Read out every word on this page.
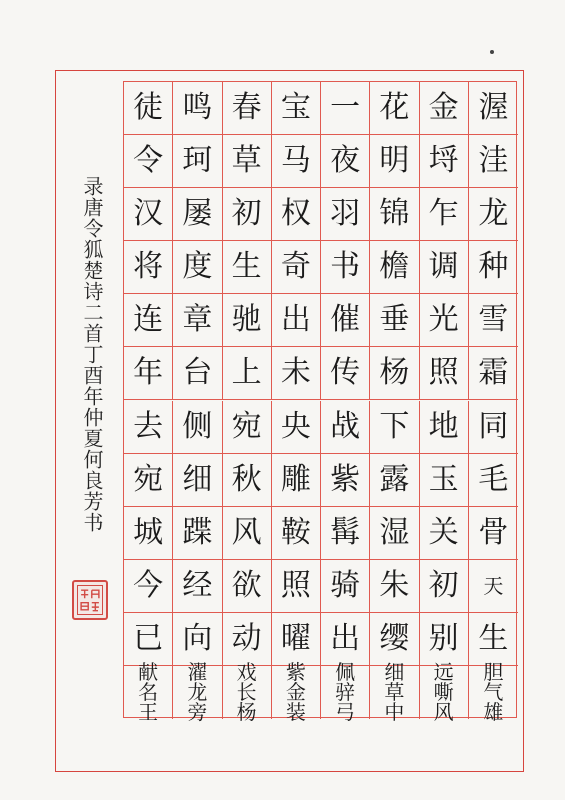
渥
洼
龙
种
雪
霜
同
毛
骨
天
生
胆
气
雄
金
埒
乍
调
光
照
地
玉
关
初
别
远
嘶
风
花
明
锦
檐
垂
杨
下
露
湿
朱
缨
细
草
中
一
夜
羽
书
催
传
战
紫
髯
骑
出
佩
骍
弓
宝
马
权
奇
出
未
央
雕
鞍
照
曜
紫
金
装
春
草
初
生
驰
上
宛
秋
风
欲
动
戏
长
杨
鸣
珂
屡
度
章
台
侧
细
蹀
经
向
濯
龙
旁
徒
令
汉
将
连
年
去
宛
城
今
已
献
名
王
录唐令狐楚诗二首丁酉年仲夏何良芳书
